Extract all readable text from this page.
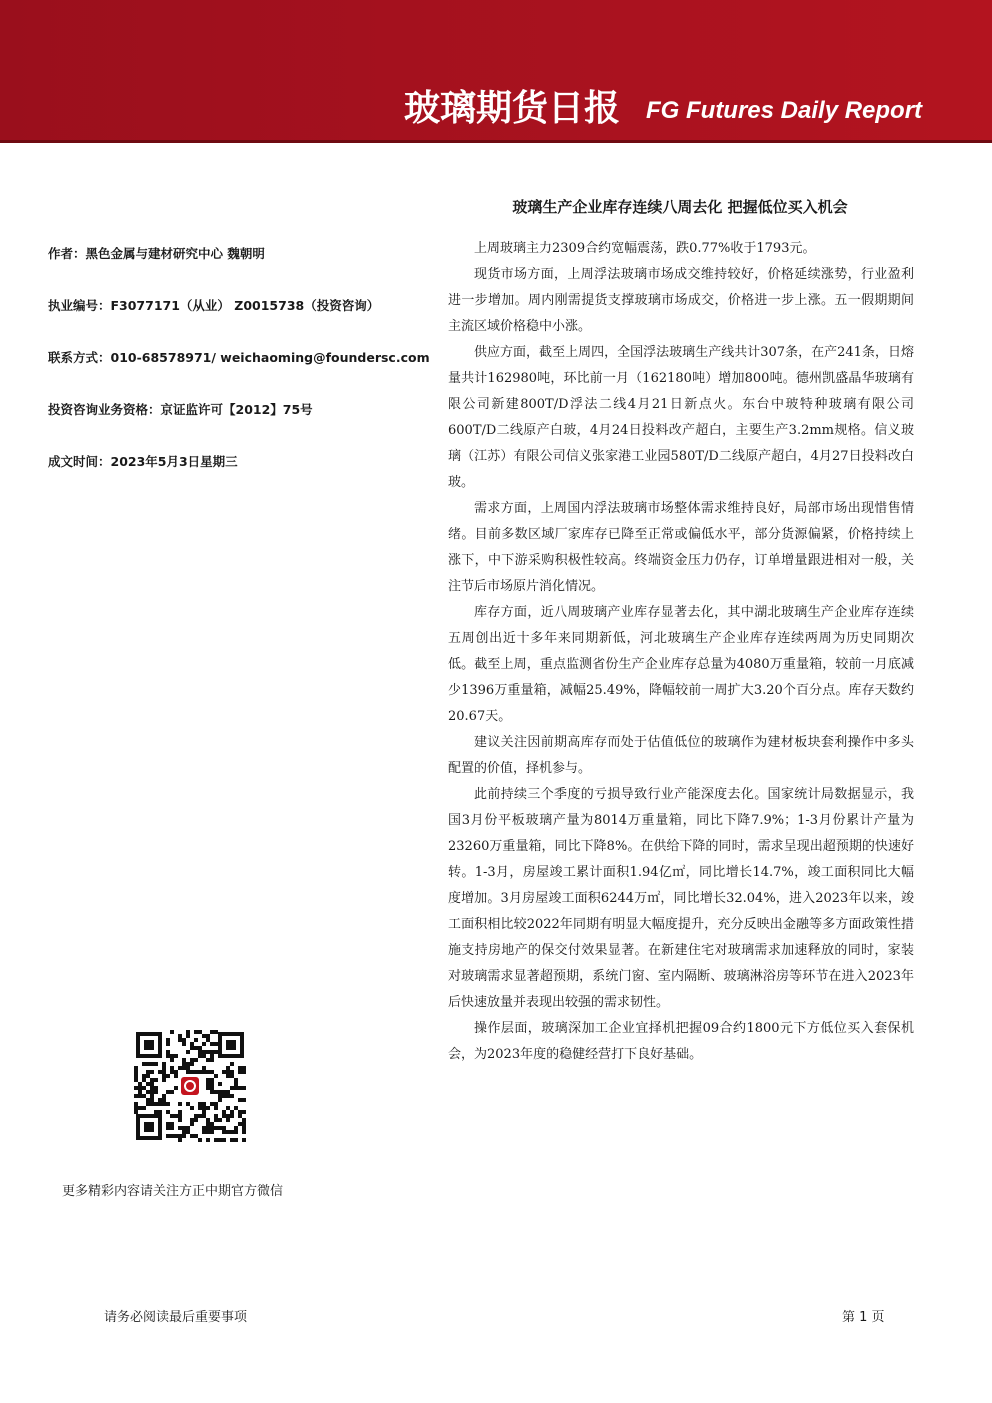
玻璃期货日报 FG Futures Daily Report
玻璃生产企业库存连续八周去化 把握低位买入机会
作者：黑色金属与建材研究中心 魏朝明
执业编号：F3077171（从业） Z0015738（投资咨询）
联系方式：010-68578971/ weichaoming@foundersc.com
投资咨询业务资格：京证监许可【2012】75号
成文时间：2023年5月3日星期三

上周玻璃主力2309合约宽幅震荡，跌0.77%收于1793元。

现货市场方面，上周浮法玻璃市场成交维持较好，价格延续涨势，行业盈利进一步增加。周内刚需提货支撑玻璃市场成交，价格进一步上涨。五一假期期间主流区域价格稳中小涨。

供应方面，截至上周四，全国浮法玻璃生产线共计307条，在产241条，日熔量共计162980吨，环比前一月（162180吨）增加800吨。德州凯盛晶华玻璃有限公司新建800T/D浮法二线4月21日新点火。东台中玻特种玻璃有限公司600T/D二线原产白玻，4月24日投料改产超白，主要生产3.2mm规格。信义玻璃（江苏）有限公司信义张家港工业园580T/D二线原产超白，4月27日投料改白玻。

需求方面，上周国内浮法玻璃市场整体需求维持良好，局部市场出现惜售情绪。目前多数区域厂家库存已降至正常或偏低水平，部分货源偏紧，价格持续上涨下，中下游采购积极性较高。终端资金压力仍存，订单增量跟进相对一般，关注节后市场原片消化情况。

库存方面，近八周玻璃产业库存显著去化，其中湖北玻璃生产企业库存连续五周创出近十多年来同期新低，河北玻璃生产企业库存连续两周为历史同期次低。截至上周，重点监测省份生产企业库存总量为4080万重量箱，较前一月底减少1396万重量箱，减幅25.49%，降幅较前一周扩大3.20个百分点。库存天数约20.67天。

建议关注因前期高库存而处于估值低位的玻璃作为建材板块套利操作中多头配置的价值，择机参与。

此前持续三个季度的亏损导致行业产能深度去化。国家统计局数据显示，我国3月份平板玻璃产量为8014万重量箱，同比下降7.9%；1-3月份累计产量为23260万重量箱，同比下降8%。在供给下降的同时，需求呈现出超预期的快速好转。1-3月，房屋竣工累计面积1.94亿㎡，同比增长14.7%，竣工面积同比大幅度增加。3月房屋竣工面积6244万㎡，同比增长32.04%，进入2023年以来，竣工面积相比较2022年同期有明显大幅度提升，充分反映出金融等多方面政策性措施支持房地产的保交付效果显著。在新建住宅对玻璃需求加速释放的同时，家装对玻璃需求显著超预期，系统门窗、室内隔断、玻璃淋浴房等环节在进入2023年后快速放量并表现出较强的需求韧性。

操作层面，玻璃深加工企业宜择机把握09合约1800元下方低位买入套保机会，为2023年度的稳健经营打下良好基础。

更多精彩内容请关注方正中期官方微信
请务必阅读最后重要事项	第 1 页
